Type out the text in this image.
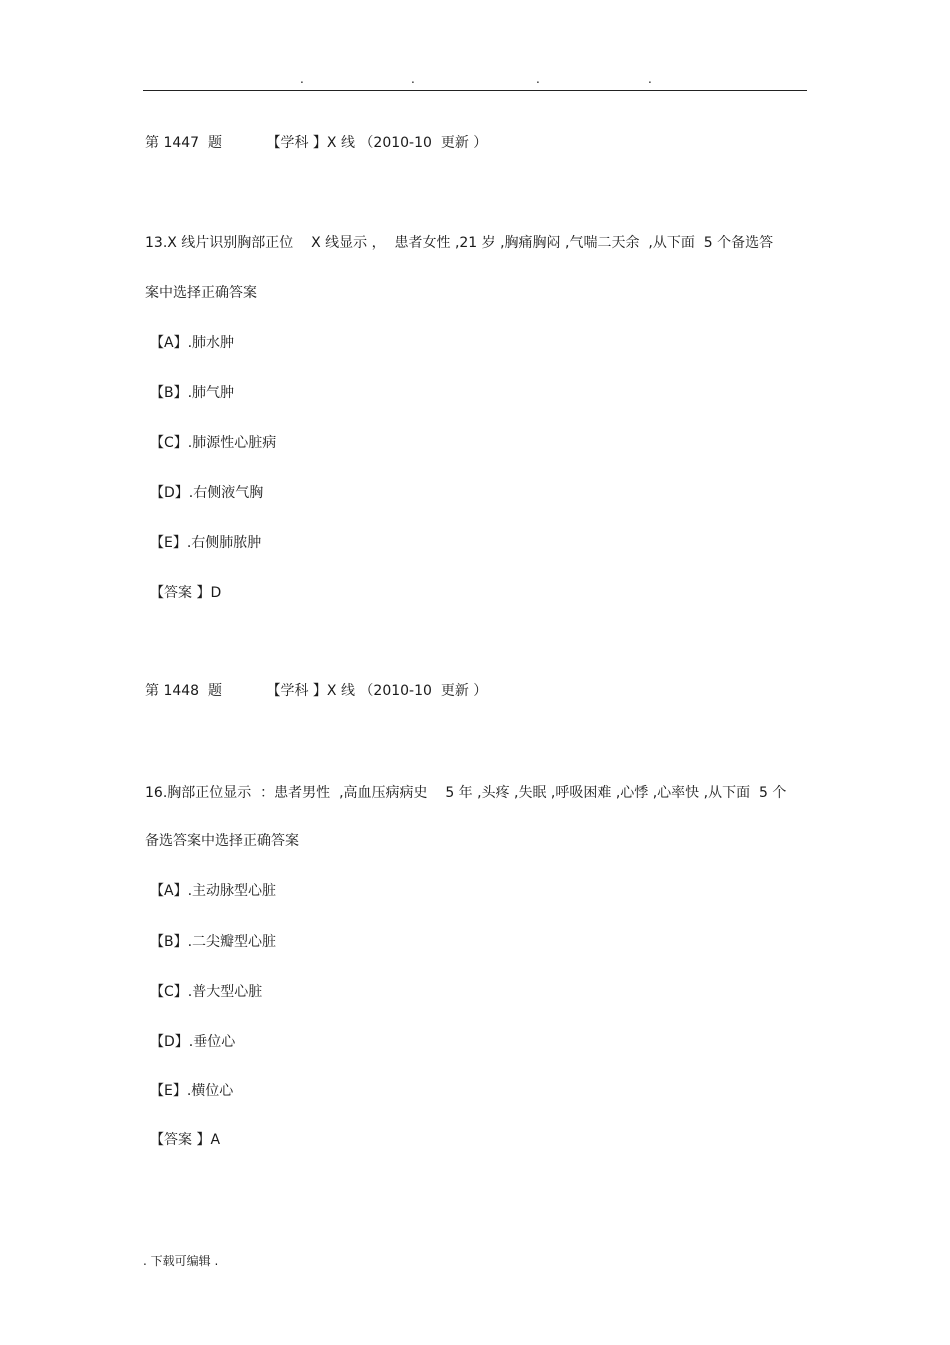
.	.	.	.
第 1447  题          【学科 】X 线 （2010-10  更新 ）
13.X 线片识别胸部正位    X 线显示 ，  患者女性 ,21 岁 ,胸痛胸闷 ,气喘二天余  ,从下面  5 个备选答
案中选择正确答案
【A】.肺水肿
【B】.肺气肿
【C】.肺源性心脏病
【D】.右侧液气胸
【E】.右侧肺脓肿
【答案 】D
第 1448  题          【学科 】X 线 （2010-10  更新 ）
16.胸部正位显示  ：患者男性  ,高血压病病史    5 年 ,头疼 ,失眠 ,呼吸困难 ,心悸 ,心率快 ,从下面  5 个
备选答案中选择正确答案
【A】.主动脉型心脏
【B】.二尖瓣型心脏
【C】.普大型心脏
【D】.垂位心
【E】.横位心
【答案 】A
. 下载可编辑 .
